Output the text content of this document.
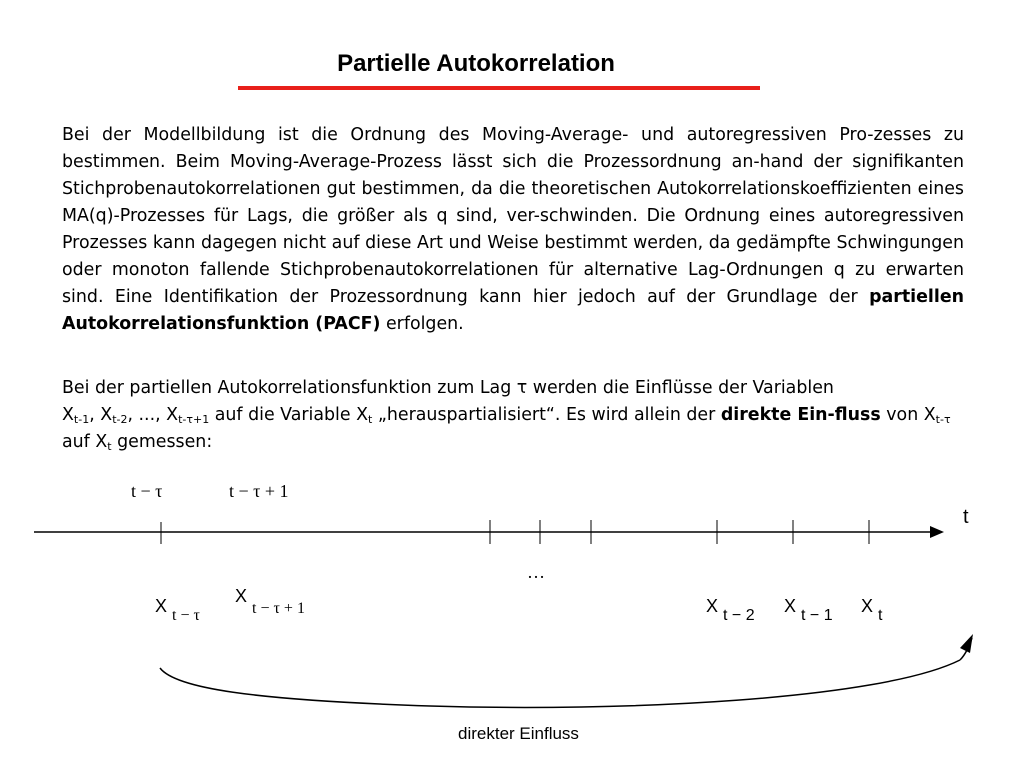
Partielle Autokorrelation

Bei der Modellbildung ist die Ordnung des Moving-Average- und autoregressiven Pro-zesses zu bestimmen. Beim Moving-Average-Prozess lässt sich die Prozessordnung an-hand der signifikanten Stichprobenautokorrelationen gut bestimmen, da die theoretischen Autokorrelationskoeffizienten eines MA(q)-Prozesses für Lags, die größer als q sind, ver-schwinden. Die Ordnung eines autoregressiven Prozesses kann dagegen nicht auf diese Art und Weise bestimmt werden, da gedämpfte Schwingungen oder monoton fallende Stichprobenautokorrelationen für alternative Lag-Ordnungen q zu erwarten sind. Eine Identifikation der Prozessordnung kann hier jedoch auf der Grundlage der partiellen Autokorrelationsfunktion (PACF) erfolgen.

Bei der partiellen Autokorrelationsfunktion zum Lag τ werden die Einflüsse der Variablen
$X_{t-1}$, $X_{t-2}$, ..., $X_{t-\tau+1}$ auf die Variable $X_t$ „herauspartialisiert“. Es wird allein der direkte Ein-fluss von $X_{t-\tau}$ auf $X_t$ gemessen:

t − τ	t − τ + 1
t
…
X t − τ
X t − τ + 1	X t − 2 X t − 1 X t
direkter Einfluss
